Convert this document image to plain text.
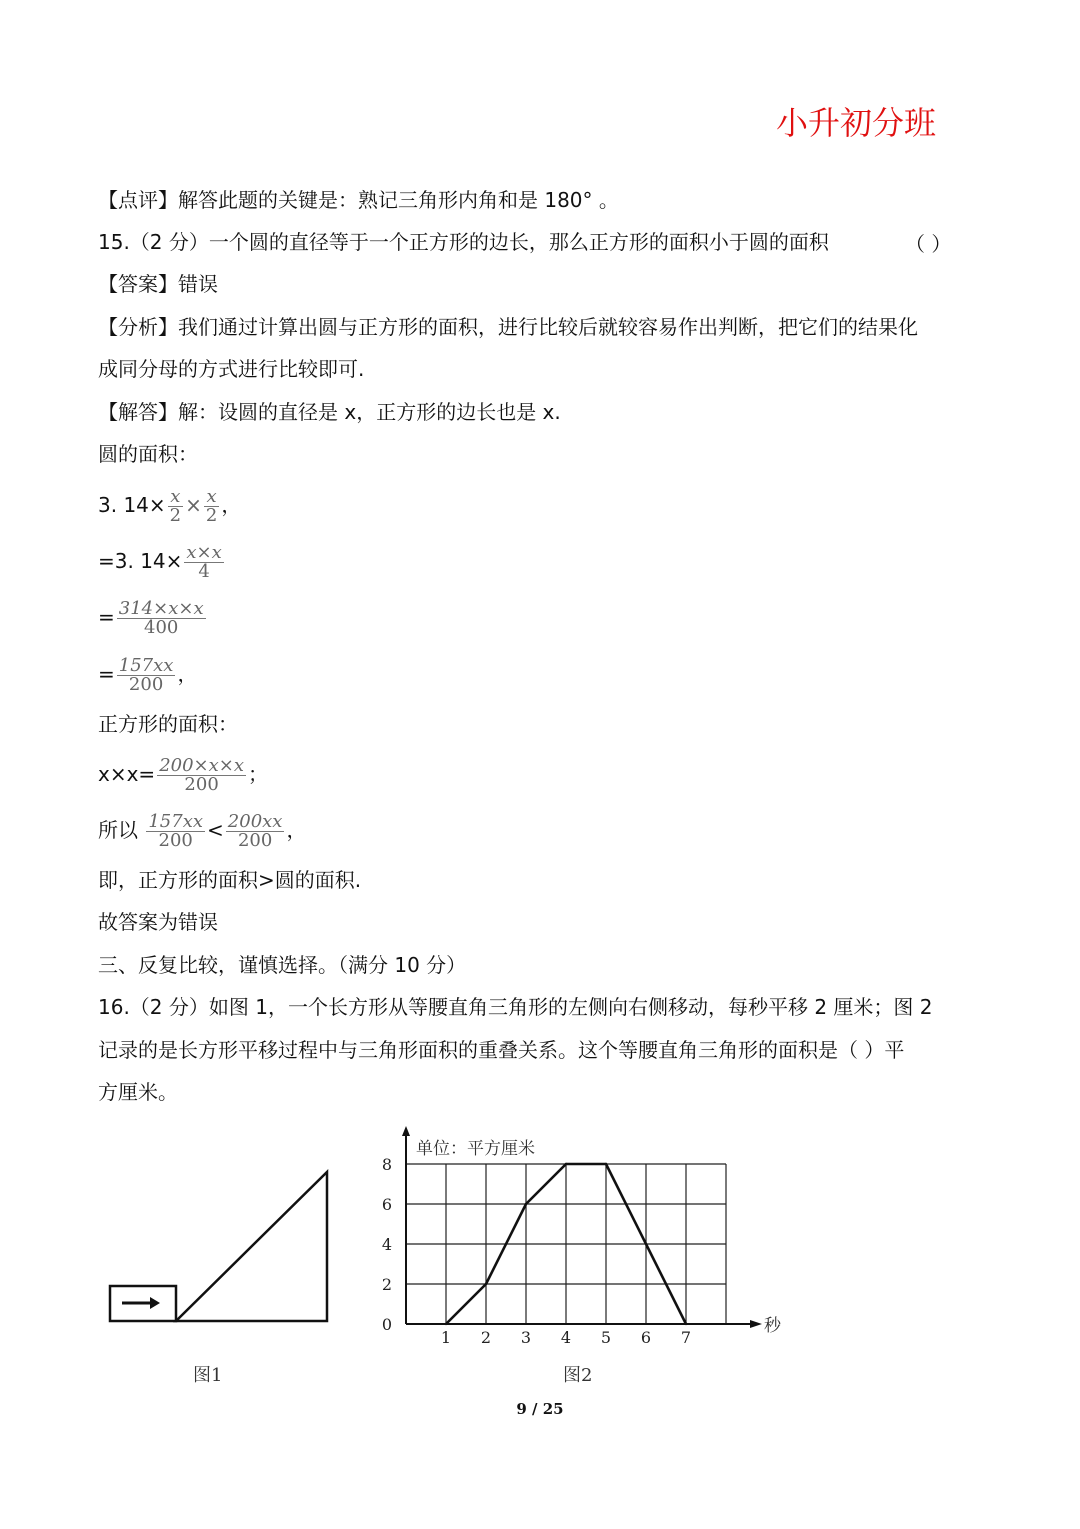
小升初分班
【点评】解答此题的关键是：熟记三角形内角和是 180° 。
15.（2 分）一个圆的直径等于一个正方形的边长，那么正方形的面积小于圆的面积	（ ）
【答案】错误
【分析】我们通过计算出圆与正方形的面积，进行比较后就较容易作出判断，把它们的结果化
成同分母的方式进行比较即可.
【解答】解：设圆的直径是 x，正方形的边长也是 x.
圆的面积：
3. $14\times \frac{x}{2} \times \frac{x}{2}$ ，
=3. $14\times \frac{x\times x}{4}$
= $\frac{314\times x\times x}{400}$
= $\frac{157xx}{200}$ ，
正方形的面积：
$x\times x= \frac{200\times x\times x}{200}$ ；
所以 $\frac{157xx}{200} < \frac{200xx}{200}$ ，
即，正方形的面积>圆的面积.
故答案为错误
三、反复比较，谨慎选择。（满分 10 分）
16.（2 分）如图 1，一个长方形从等腰直角三角形的左侧向右侧移动，每秒平移 2 厘米；图 2
记录的是长方形平移过程中与三角形面积的重叠关系。这个等腰直角三角形的面积是（ ）平
方厘米。
图1
0
2
4
6
8
1 2 3 4 5 6 7
单位：平方厘米
秒
图2
9 / 25
